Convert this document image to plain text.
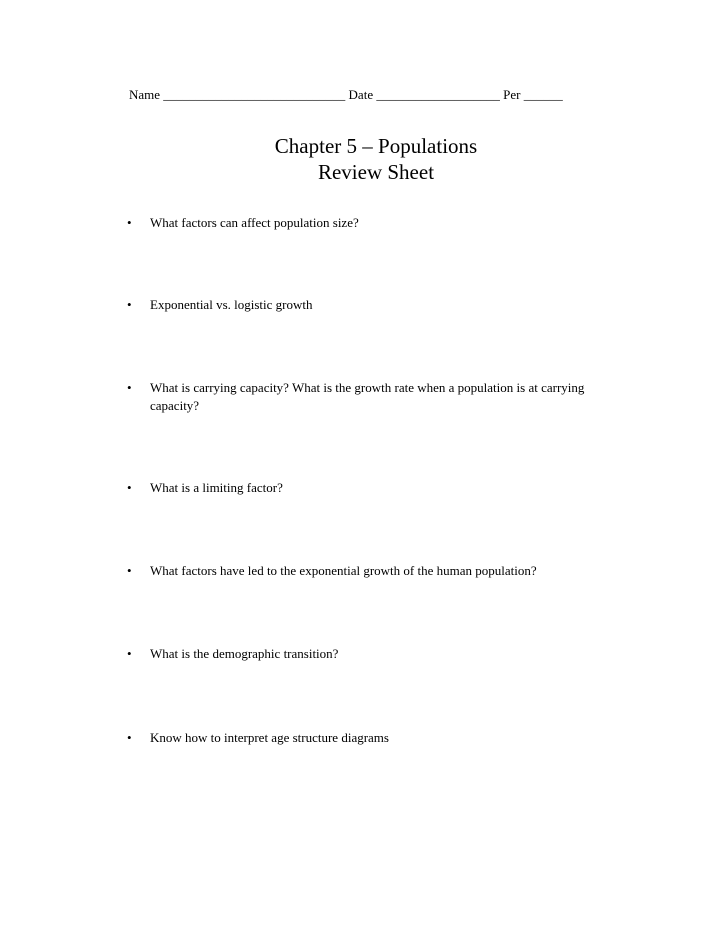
Name ____________________________ Date ___________________ Per ______
Chapter 5 – Populations
Review Sheet
• What factors can affect population size?
• Exponential vs. logistic growth
• What is carrying capacity? What is the growth rate when a population is at carrying capacity?
• What is a limiting factor?
• What factors have led to the exponential growth of the human population?
• What is the demographic transition?
• Know how to interpret age structure diagrams
